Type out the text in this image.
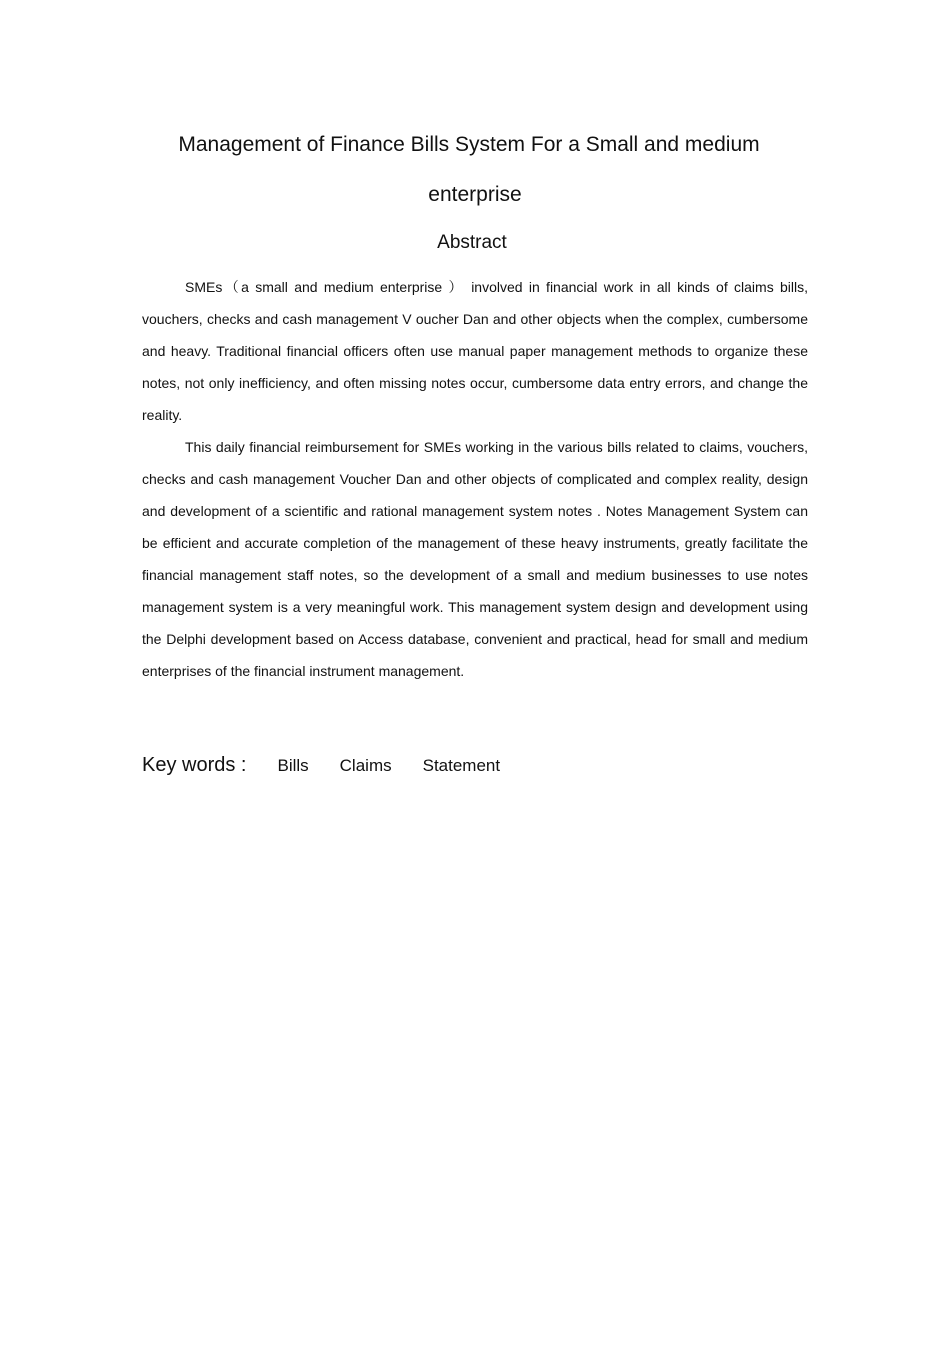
Management of Finance Bills System For a Small and medium
enterprise
Abstract

SMEs（a small and medium enterprise ） involved in financial work in all kinds of claims bills, vouchers, checks and cash management V oucher Dan and other objects when the complex, cumbersome and heavy. Traditional financial officers often use manual paper management methods to organize these notes, not only inefficiency, and often missing notes occur, cumbersome data entry errors, and change the reality.

This daily financial reimbursement for SMEs working in the various bills related to claims, vouchers, checks and cash management Voucher Dan and other objects of complicated and complex reality, design and development of a scientific and rational management system notes . Notes Management System can be efficient and accurate completion of the management of these heavy instruments, greatly facilitate the financial management staff notes, so the development of a small and medium businesses to use notes management system is a very meaningful work. This management system design and development using the Delphi development based on Access database, convenient and practical, head for small and medium enterprises of the financial instrument management.

Key words : Bills Claims Statement
